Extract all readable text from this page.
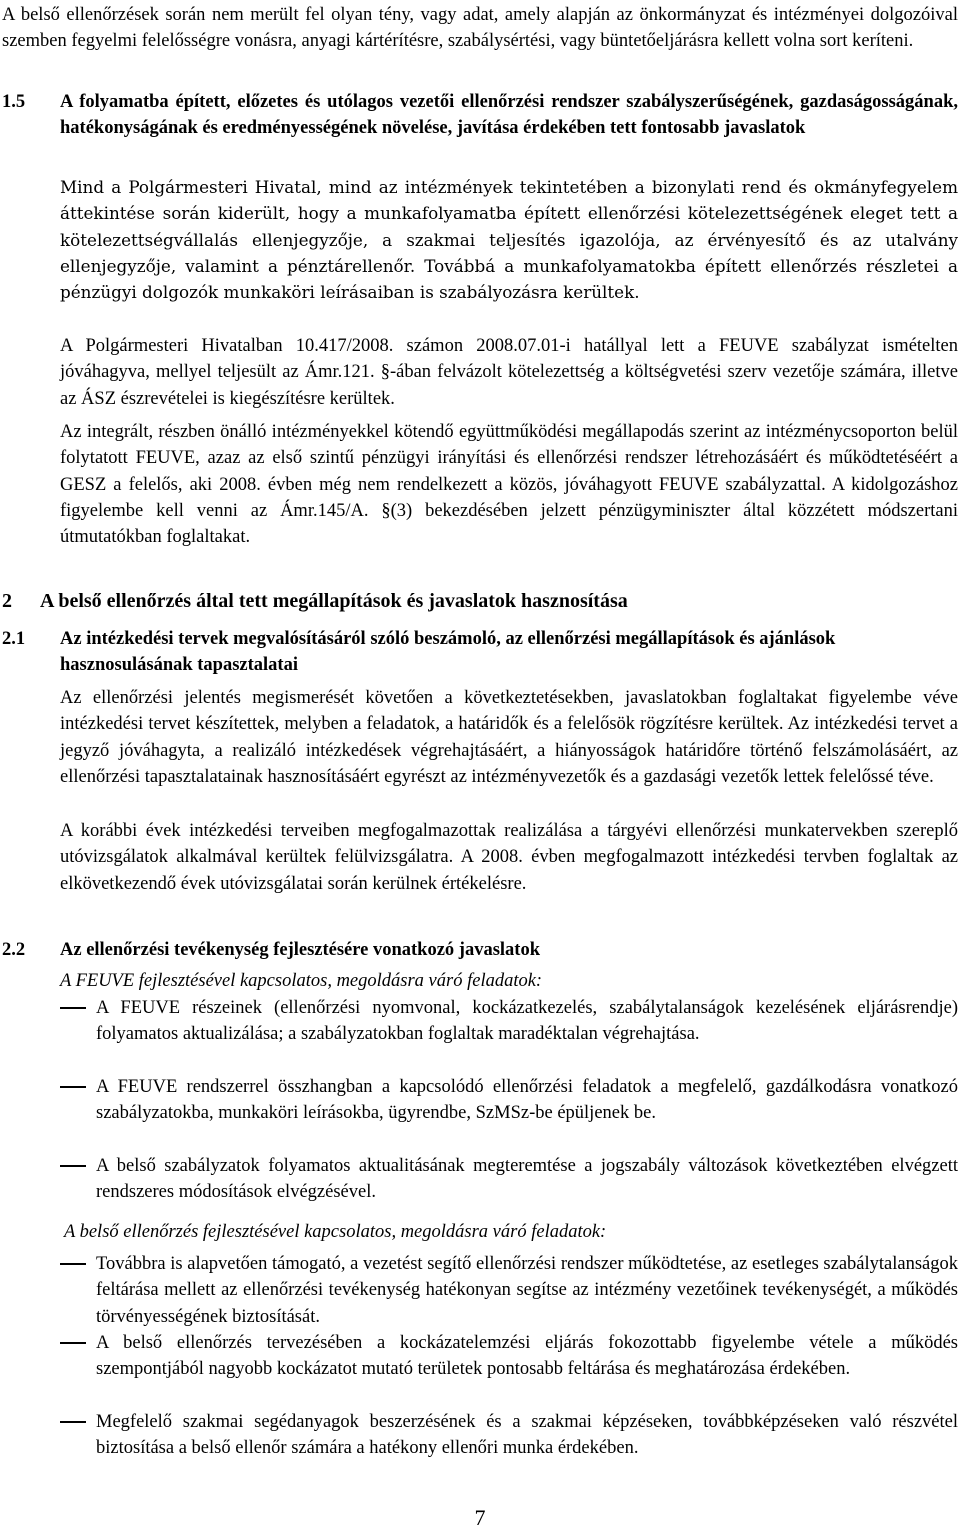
A belső ellenőrzések során nem merült fel olyan tény, vagy adat, amely alapján az önkormányzat és intézményei dolgozóival szemben fegyelmi felelősségre vonásra, anyagi kártérítésre, szabálysértési, vagy büntetőeljárásra kellett volna sort keríteni.

1.5 A folyamatba épített, előzetes és utólagos vezetői ellenőrzési rendszer szabályszerűségének, gazdaságosságának, hatékonyságának és eredményességének növelése, javítása érdekében tett fontosabb javaslatok

Mind a Polgármesteri Hivatal, mind az intézmények tekintetében a bizonylati rend és okmányfegyelem áttekintése során kiderült, hogy a munkafolyamatba épített ellenőrzési kötelezettségének eleget tett a kötelezettségvállalás ellenjegyzője, a szakmai teljesítés igazolója, az érvényesítő és az utalvány ellenjegyzője, valamint a pénztárellenőr. Továbbá a munkafolyamatokba épített ellenőrzés részletei a pénzügyi dolgozók munkaköri leírásaiban is szabályozásra kerültek.

A Polgármesteri Hivatalban 10.417/2008. számon 2008.07.01-i hatállyal lett a FEUVE szabályzat ismételten jóváhagyva, mellyel teljesült az Ámr.121. §-ában felvázolt kötelezettség a költségvetési szerv vezetője számára, illetve az ÁSZ észrevételei is kiegészítésre kerültek.

Az integrált, részben önálló intézményekkel kötendő együttműködési megállapodás szerint az intézménycsoporton belül folytatott FEUVE, azaz az első szintű pénzügyi irányítási és ellenőrzési rendszer létrehozásáért és működtetéséért a GESZ a felelős, aki 2008. évben még nem rendelkezett a közös, jóváhagyott FEUVE szabályzattal. A kidolgozáshoz figyelembe kell venni az Ámr.145/A. §(3) bekezdésében jelzett pénzügyminiszter által közzétett módszertani útmutatókban foglaltakat.

2 A belső ellenőrzés által tett megállapítások és javaslatok hasznosítása
2.1 Az intézkedési tervek megvalósításáról szóló beszámoló, az ellenőrzési megállapítások és ajánlások hasznosulásának tapasztalatai

Az ellenőrzési jelentés megismerését követően a következtetésekben, javaslatokban foglaltakat figyelembe véve intézkedési tervet készítettek, melyben a feladatok, a határidők és a felelősök rögzítésre kerültek. Az intézkedési tervet a jegyző jóváhagyta, a realizáló intézkedések végrehajtásáért, a hiányosságok határidőre történő felszámolásáért, az ellenőrzési tapasztalatainak hasznosításáért egyrészt az intézményvezetők és a gazdasági vezetők lettek felelőssé téve.

A korábbi évek intézkedési terveiben megfogalmazottak realizálása a tárgyévi ellenőrzési munkatervekben szereplő utóvizsgálatok alkalmával kerültek felülvizsgálatra. A 2008. évben megfogalmazott intézkedési tervben foglaltak az elkövetkezendő évek utóvizsgálatai során kerülnek értékelésre.

2.2 Az ellenőrzési tevékenység fejlesztésére vonatkozó javaslatok

A FEUVE fejlesztésével kapcsolatos, megoldásra váró feladatok:

A FEUVE részeinek (ellenőrzési nyomvonal, kockázatkezelés, szabálytalanságok kezelésének eljárásrendje) folyamatos aktualizálása; a szabályzatokban foglaltak maradéktalan végrehajtása.
A FEUVE rendszerrel összhangban a kapcsolódó ellenőrzési feladatok a megfelelő, gazdálkodásra vonatkozó szabályzatokba, munkaköri leírásokba, ügyrendbe, SzMSz-be épüljenek be.
A belső szabályzatok folyamatos aktualitásának megteremtése a jogszabály változások következtében elvégzett rendszeres módosítások elvégzésével.

A belső ellenőrzés fejlesztésével kapcsolatos, megoldásra váró feladatok:

Továbbra is alapvetően támogató, a vezetést segítő ellenőrzési rendszer működtetése, az esetleges szabálytalanságok feltárása mellett az ellenőrzési tevékenység hatékonyan segítse az intézmény vezetőinek tevékenységét, a működés törvényességének biztosítását.
A belső ellenőrzés tervezésében a kockázatelemzési eljárás fokozottabb figyelembe vétele a működés szempontjából nagyobb kockázatot mutató területek pontosabb feltárása és meghatározása érdekében.
Megfelelő szakmai segédanyagok beszerzésének és a szakmai képzéseken, továbbképzéseken való részvétel biztosítása a belső ellenőr számára a hatékony ellenőri munka érdekében.
7
